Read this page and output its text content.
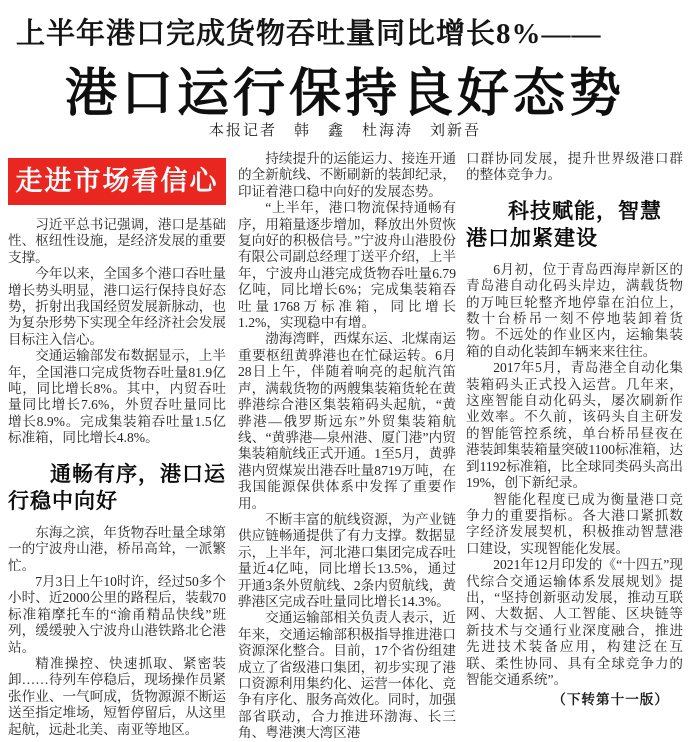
上半年港口完成货物吞吐量同比增长8%——
港口运行保持良好态势
本报记者　韩　鑫　杜海涛　刘新吾
走进市场看信心

习近平总书记强调，港口是基础性、枢纽性设施，是经济发展的重要支撑。

今年以来，全国多个港口吞吐量增长势头明显，港口运行保持良好态势，折射出我国经贸发展新脉动，也为复杂形势下实现全年经济社会发展目标注入信心。

交通运输部发布数据显示，上半年，全国港口完成货物吞吐量81.9亿吨，同比增长8%。其中，内贸吞吐量同比增长7.6%，外贸吞吐量同比增长8.9%。完成集装箱吞吐量1.5亿标准箱，同比增长4.8%。

通畅有序，港口运行稳中向好

东海之滨，年货物吞吐量全球第一的宁波舟山港，桥吊高耸，一派繁忙。

7月3日上午10时许，经过50多个小时、近2000公里的路程后，装载70标准箱摩托车的“渝甬精品快线”班列，缓缓驶入宁波舟山港铁路北仑港站。

精准操控、快速抓取、紧密装卸……待列车停稳后，现场操作员紧张作业、一气呵成，货物源源不断运送至指定堆场，短暂停留后，从这里起航，远赴北美、南亚等地区。

持续提升的运能运力、接连开通的全新航线、不断刷新的装卸纪录，印证着港口稳中向好的发展态势。

“上半年，港口物流保持通畅有序，用箱量逐步增加，释放出外贸恢复向好的积极信号。”宁波舟山港股份有限公司副总经理丁送平介绍，上半年，宁波舟山港完成货物吞吐量6.79亿吨，同比增长6%；完成集装箱吞吐量1768万标准箱，同比增长1.2%，实现稳中有增。

渤海湾畔，西煤东运、北煤南运重要枢纽黄骅港也在忙碌运转。6月28日上午，伴随着响亮的起航汽笛声，满载货物的两艘集装箱货轮在黄骅港综合港区集装箱码头起航，“黄骅港—俄罗斯远东”外贸集装箱航线、“黄骅港—泉州港、厦门港”内贸集装箱航线正式开通。1至5月，黄骅港内贸煤炭出港吞吐量8719万吨，在我国能源保供体系中发挥了重要作用。

不断丰富的航线资源，为产业链供应链畅通提供了有力支撑。数据显示，上半年，河北港口集团完成吞吐量近4亿吨，同比增长13.5%，通过开通3条外贸航线、2条内贸航线，黄骅港区完成吞吐量同比增长14.3%。

交通运输部相关负责人表示，近年来，交通运输部积极指导推进港口资源深化整合。目前，17个省份组建成立了省级港口集团，初步实现了港口资源利用集约化、运营一体化、竞争有序化、服务高效化。同时，加强部省联动，合力推进环渤海、长三角、粤港澳大湾区港

口群协同发展，提升世界级港口群的整体竞争力。

科技赋能，智慧港口加紧建设

6月初，位于青岛西海岸新区的青岛港自动化码头岸边，满载货物的万吨巨轮整齐地停靠在泊位上，数十台桥吊一刻不停地装卸着货物。不远处的作业区内，运输集装箱的自动化装卸车辆来来往往。

2017年5月，青岛港全自动化集装箱码头正式投入运营。几年来，这座智能自动化码头，屡次刷新作业效率。不久前，该码头自主研发的智能管控系统，单台桥吊昼夜在港装卸集装箱量突破1100标准箱，达到1192标准箱，比全球同类码头高出19%，创下新纪录。

智能化程度已成为衡量港口竞争力的重要指标。各大港口紧抓数字经济发展契机，积极推动智慧港口建设，实现智能化发展。

2021年12月印发的《“十四五”现代综合交通运输体系发展规划》提出，“坚持创新驱动发展，推动互联网、大数据、人工智能、区块链等新技术与交通行业深度融合，推进先进技术装备应用，构建泛在互联、柔性协同、具有全球竞争力的智能交通系统”。

（下转第十一版）
